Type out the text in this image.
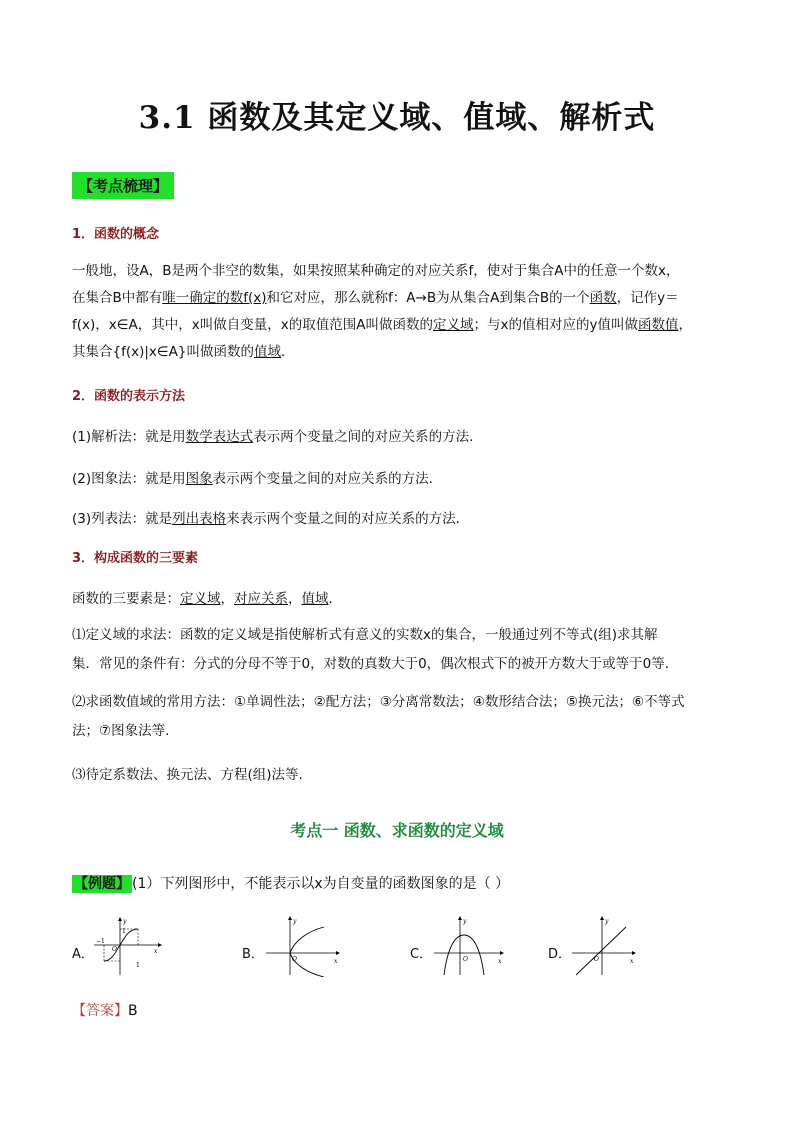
3.1 函数及其定义域、值域、解析式
【考点梳理】
1．函数的概念
一般地，设A，B是两个非空的数集，如果按照某种确定的对应关系f，使对于集合A中的任意一个数x，
在集合B中都有唯一确定的数f(x)和它对应，那么就称f：A→B为从集合A到集合B的一个函数，记作y＝
f(x)，x∈A，其中，x叫做自变量，x的取值范围A叫做函数的定义域；与x的值相对应的y值叫做函数值，
其集合{f(x)|x∈A}叫做函数的值域．
2．函数的表示方法
(1)解析法：就是用数学表达式表示两个变量之间的对应关系的方法．
(2)图象法：就是用图象表示两个变量之间的对应关系的方法．
(3)列表法：就是列出表格来表示两个变量之间的对应关系的方法．
3．构成函数的三要素
函数的三要素是：定义域，对应关系，值域.
⑴定义域的求法：函数的定义域是指使解析式有意义的实数x的集合，一般通过列不等式(组)求其解
集．常见的条件有：分式的分母不等于0，对数的真数大于0，偶次根式下的被开方数大于或等于0等．
⑵求函数值域的常用方法：①单调性法；②配方法；③分离常数法；④数形结合法；⑤换元法；⑥不等式
法；⑦图象法等.
⑶待定系数法、换元法、方程(组)法等.
考点一 函数、求函数的定义域
【例题】 (1）下列图形中，不能表示以x为自变量的函数图象的是（ ）
A．
y
x
O
−1
1
1
B．
y
x
O	C．
y
x
O	D．
y
x
O
【答案】B
